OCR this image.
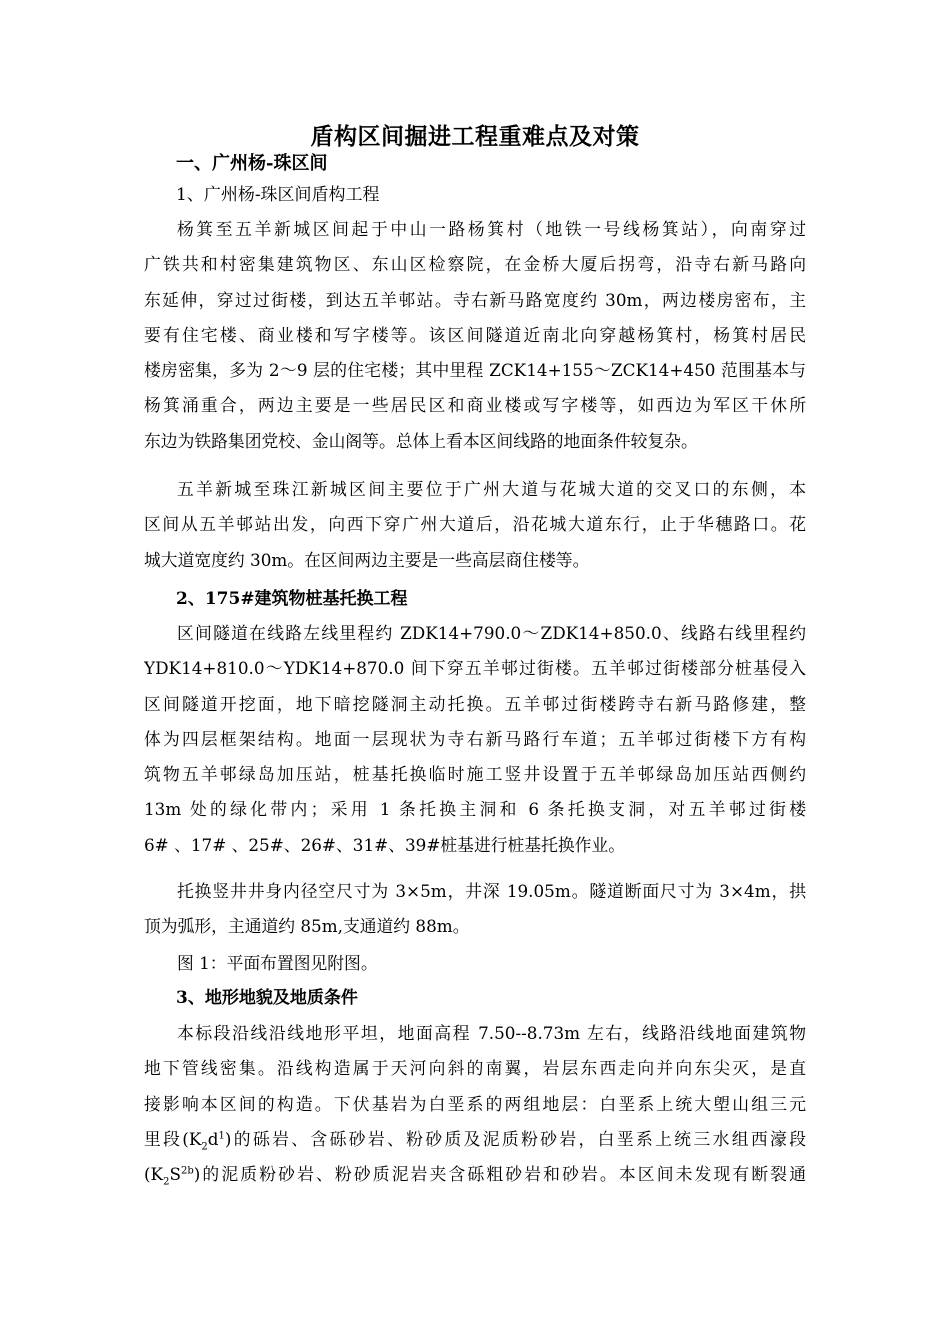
盾构区间掘进工程重难点及对策
一、广州杨-珠区间
1、广州杨-珠区间盾构工程
杨箕至五羊新城区间起于中山一路杨箕村（地铁一号线杨箕站），向南穿过
广铁共和村密集建筑物区、东山区检察院，在金桥大厦后拐弯，沿寺右新马路向
东延伸，穿过过街楼，到达五羊邨站。寺右新马路宽度约 30m，两边楼房密布，主
要有住宅楼、商业楼和写字楼等。该区间隧道近南北向穿越杨箕村，杨箕村居民
楼房密集，多为 2～9 层的住宅楼；其中里程 ZCK14+155～ZCK14+450 范围基本与
杨箕涌重合，两边主要是一些居民区和商业楼或写字楼等，如西边为军区干休所
东边为铁路集团党校、金山阁等。总体上看本区间线路的地面条件较复杂。
五羊新城至珠江新城区间主要位于广州大道与花城大道的交叉口的东侧，本
区间从五羊邨站出发，向西下穿广州大道后，沿花城大道东行，止于华穗路口。花
城大道宽度约 30m。在区间两边主要是一些高层商住楼等。
2、175#建筑物桩基托换工程
区间隧道在线路左线里程约 ZDK14+790.0～ZDK14+850.0、线路右线里程约
YDK14+810.0～YDK14+870.0 间下穿五羊邨过街楼。五羊邨过街楼部分桩基侵入
区间隧道开挖面，地下暗挖隧洞主动托换。五羊邨过街楼跨寺右新马路修建，整
体为四层框架结构。地面一层现状为寺右新马路行车道；五羊邨过街楼下方有构
筑物五羊邨绿岛加压站，桩基托换临时施工竖井设置于五羊邨绿岛加压站西侧约
13m 处的绿化带内；采用 1 条托换主洞和 6 条托换支洞，对五羊邨过街楼
6# 、17# 、25#、26#、31#、39#桩基进行桩基托换作业。
托换竖井井身内径空尺寸为 3×5m，井深 19.05m。隧道断面尺寸为 3×4m，拱
顶为弧形，主通道约 85m,支通道约 88m。
图 1：平面布置图见附图。
3、地形地貌及地质条件
本标段沿线沿线地形平坦，地面高程 7.50--8.73m 左右，线路沿线地面建筑物
地下管线密集。沿线构造属于天河向斜的南翼，岩层东西走向并向东尖灭，是直
接影响本区间的构造。下伏基岩为白垩系的两组地层：白垩系上统大塱山组三元
里段$(K_2d^1)$的砾岩、含砾砂岩、粉砂质及泥质粉砂岩，白垩系上统三水组西濠段
$(K_2S^{2b})$的泥质粉砂岩、粉砂质泥岩夹含砾粗砂岩和砂岩。本区间未发现有断裂通
